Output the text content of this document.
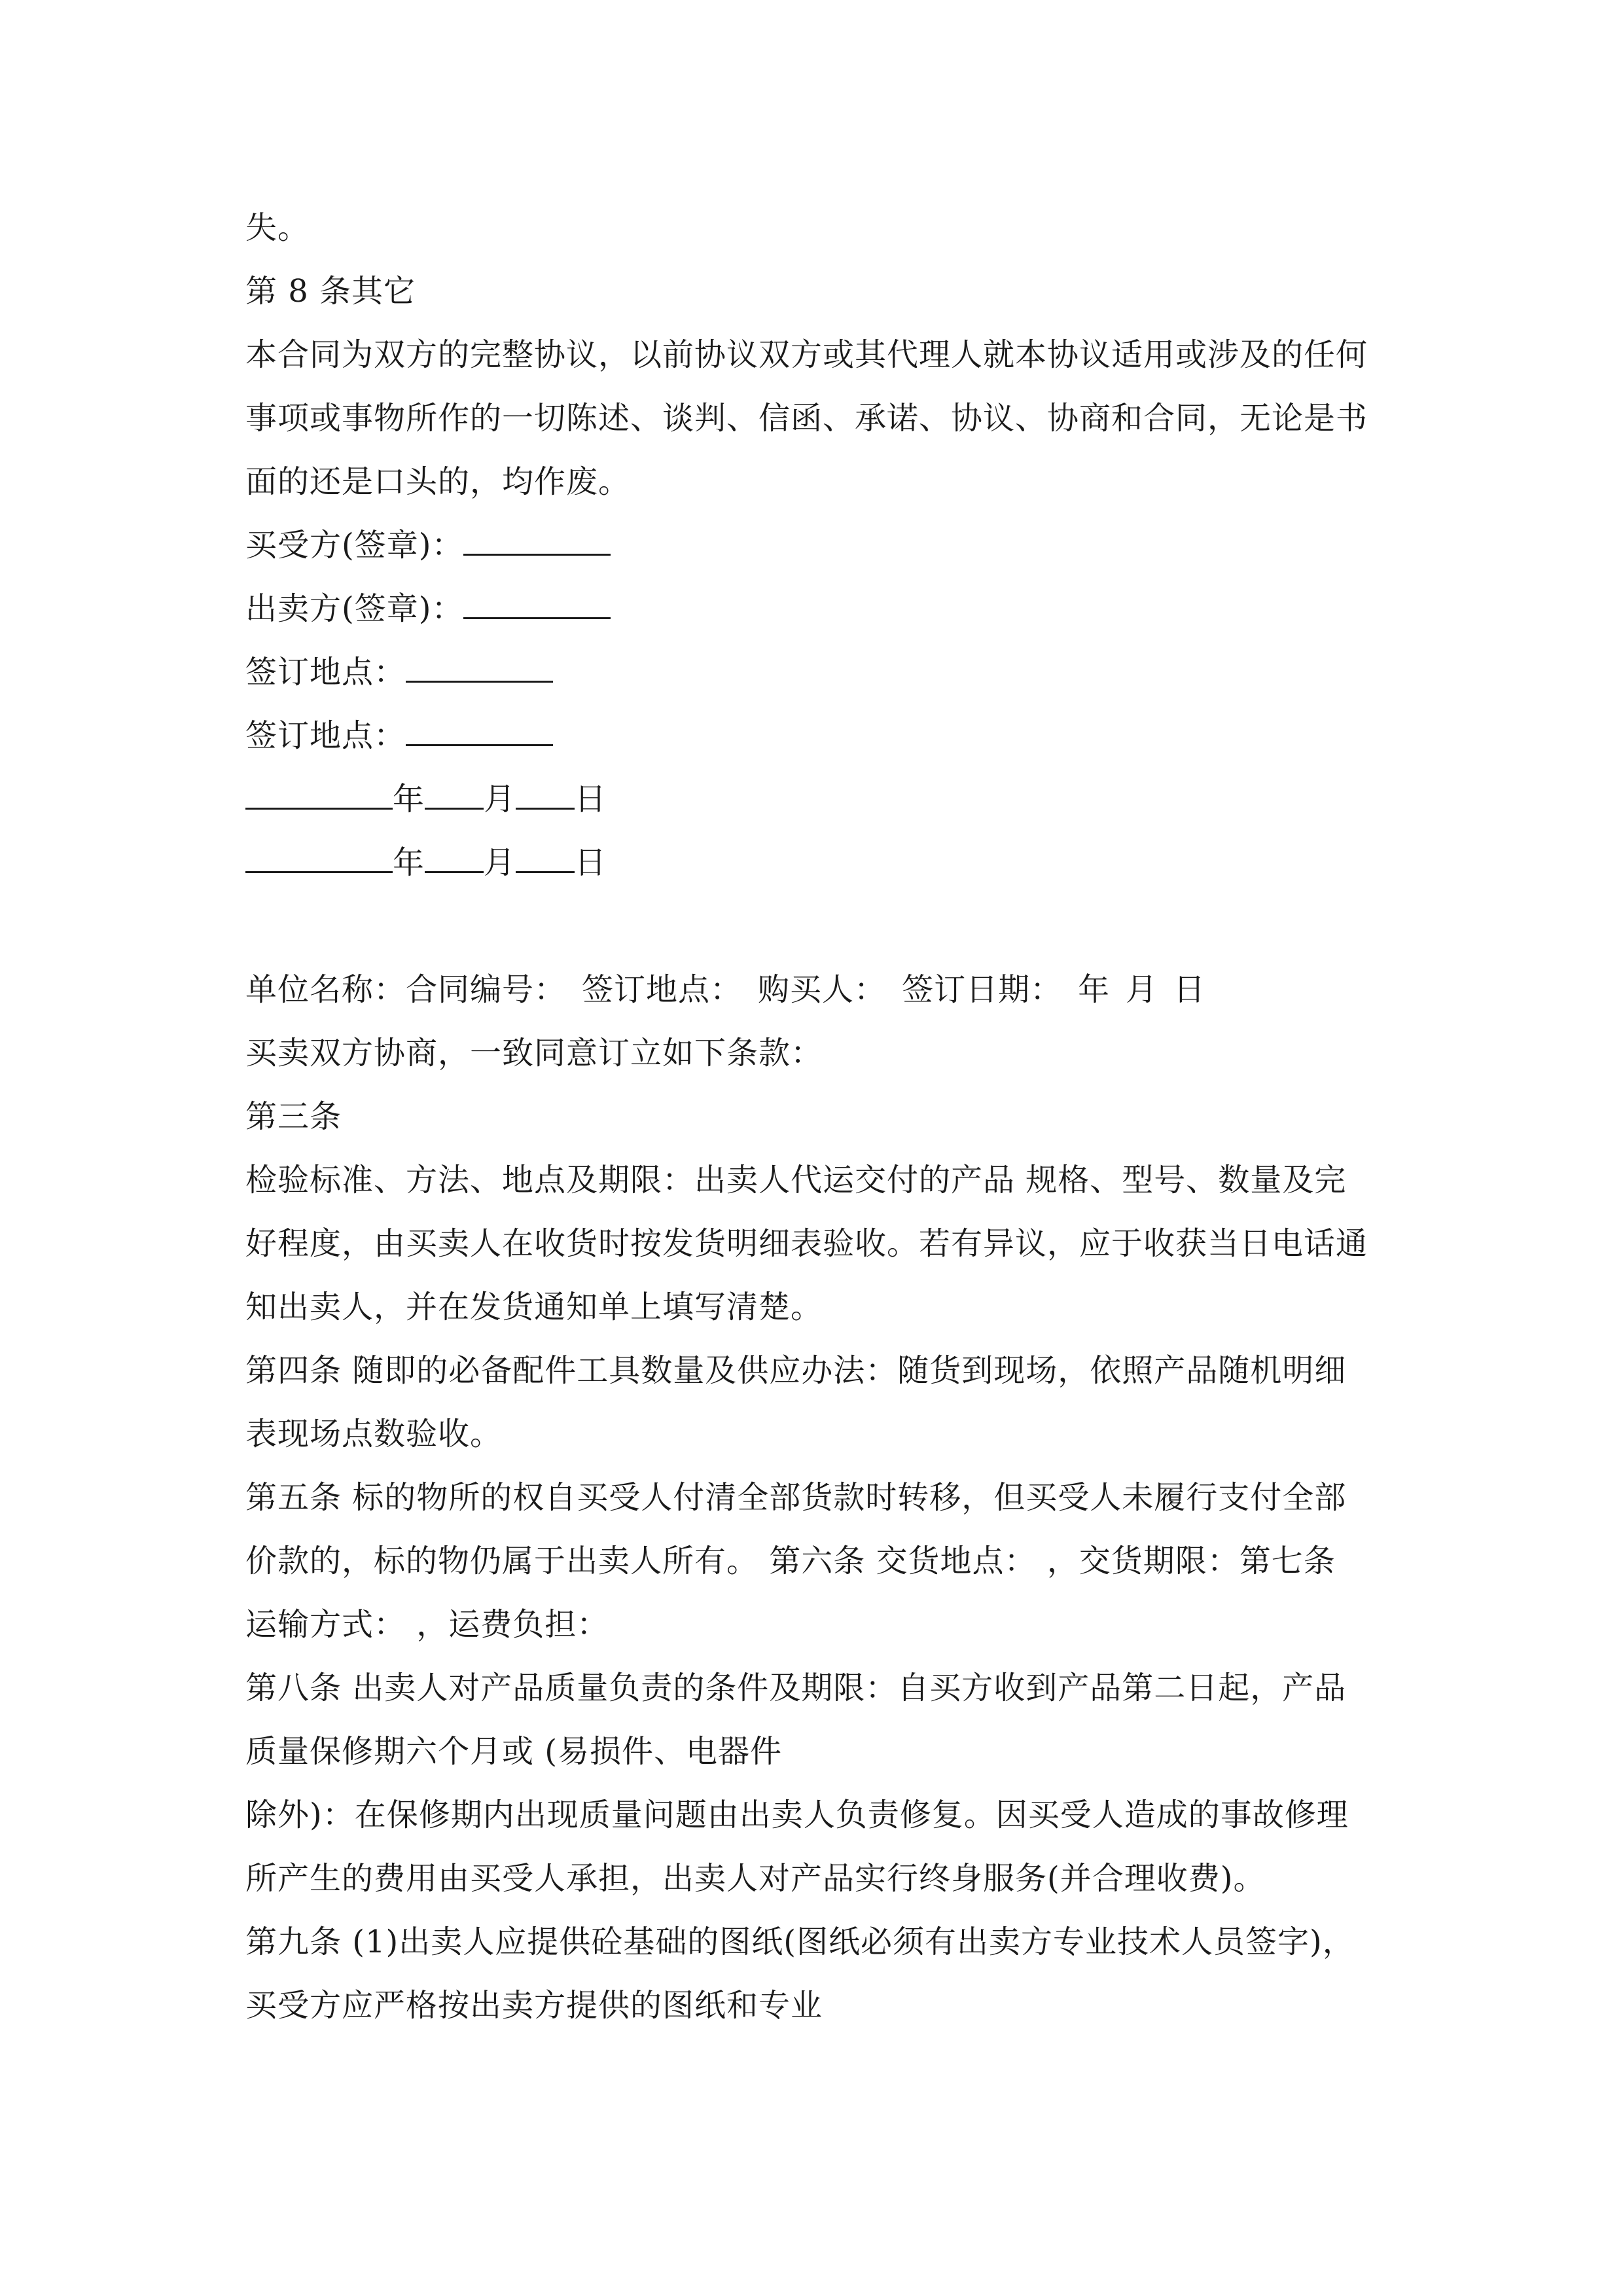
失。
第 8 条其它
本合同为双方的完整协议，以前协议双方或其代理人就本协议适用或涉及的任何
事项或事物所作的一切陈述、谈判、信函、承诺、协议、协商和合同，无论是书
面的还是口头的，均作废。
买受方(签章)：
出卖方(签章)：
签订地点：
签订地点：
年 月 日
年 月 日
单位名称：合同编号： 签订地点： 购买人： 签订日期： 年 月 日
买卖双方协商，一致同意订立如下条款：
第三条
检验标准、方法、地点及期限：出卖人代运交付的产品 规格、型号、数量及完
好程度，由买卖人在收货时按发货明细表验收。若有异议，应于收获当日电话通
知出卖人，并在发货通知单上填写清楚。
第四条 随即的必备配件工具数量及供应办法：随货到现场，依照产品随机明细
表现场点数验收。
第五条 标的物所的权自买受人付清全部货款时转移，但买受人未履行支付全部
价款的，标的物仍属于出卖人所有。 第六条 交货地点： ，交货期限：第七条
运输方式： ，运费负担：
第八条 出卖人对产品质量负责的条件及期限：自买方收到产品第二日起，产品
质量保修期六个月或 (易损件、电器件
除外)：在保修期内出现质量问题由出卖人负责修复。因买受人造成的事故修理
所产生的费用由买受人承担，出卖人对产品实行终身服务(并合理收费)。
第九条 (1)出卖人应提供砼基础的图纸(图纸必须有出卖方专业技术人员签字)，
买受方应严格按出卖方提供的图纸和专业
